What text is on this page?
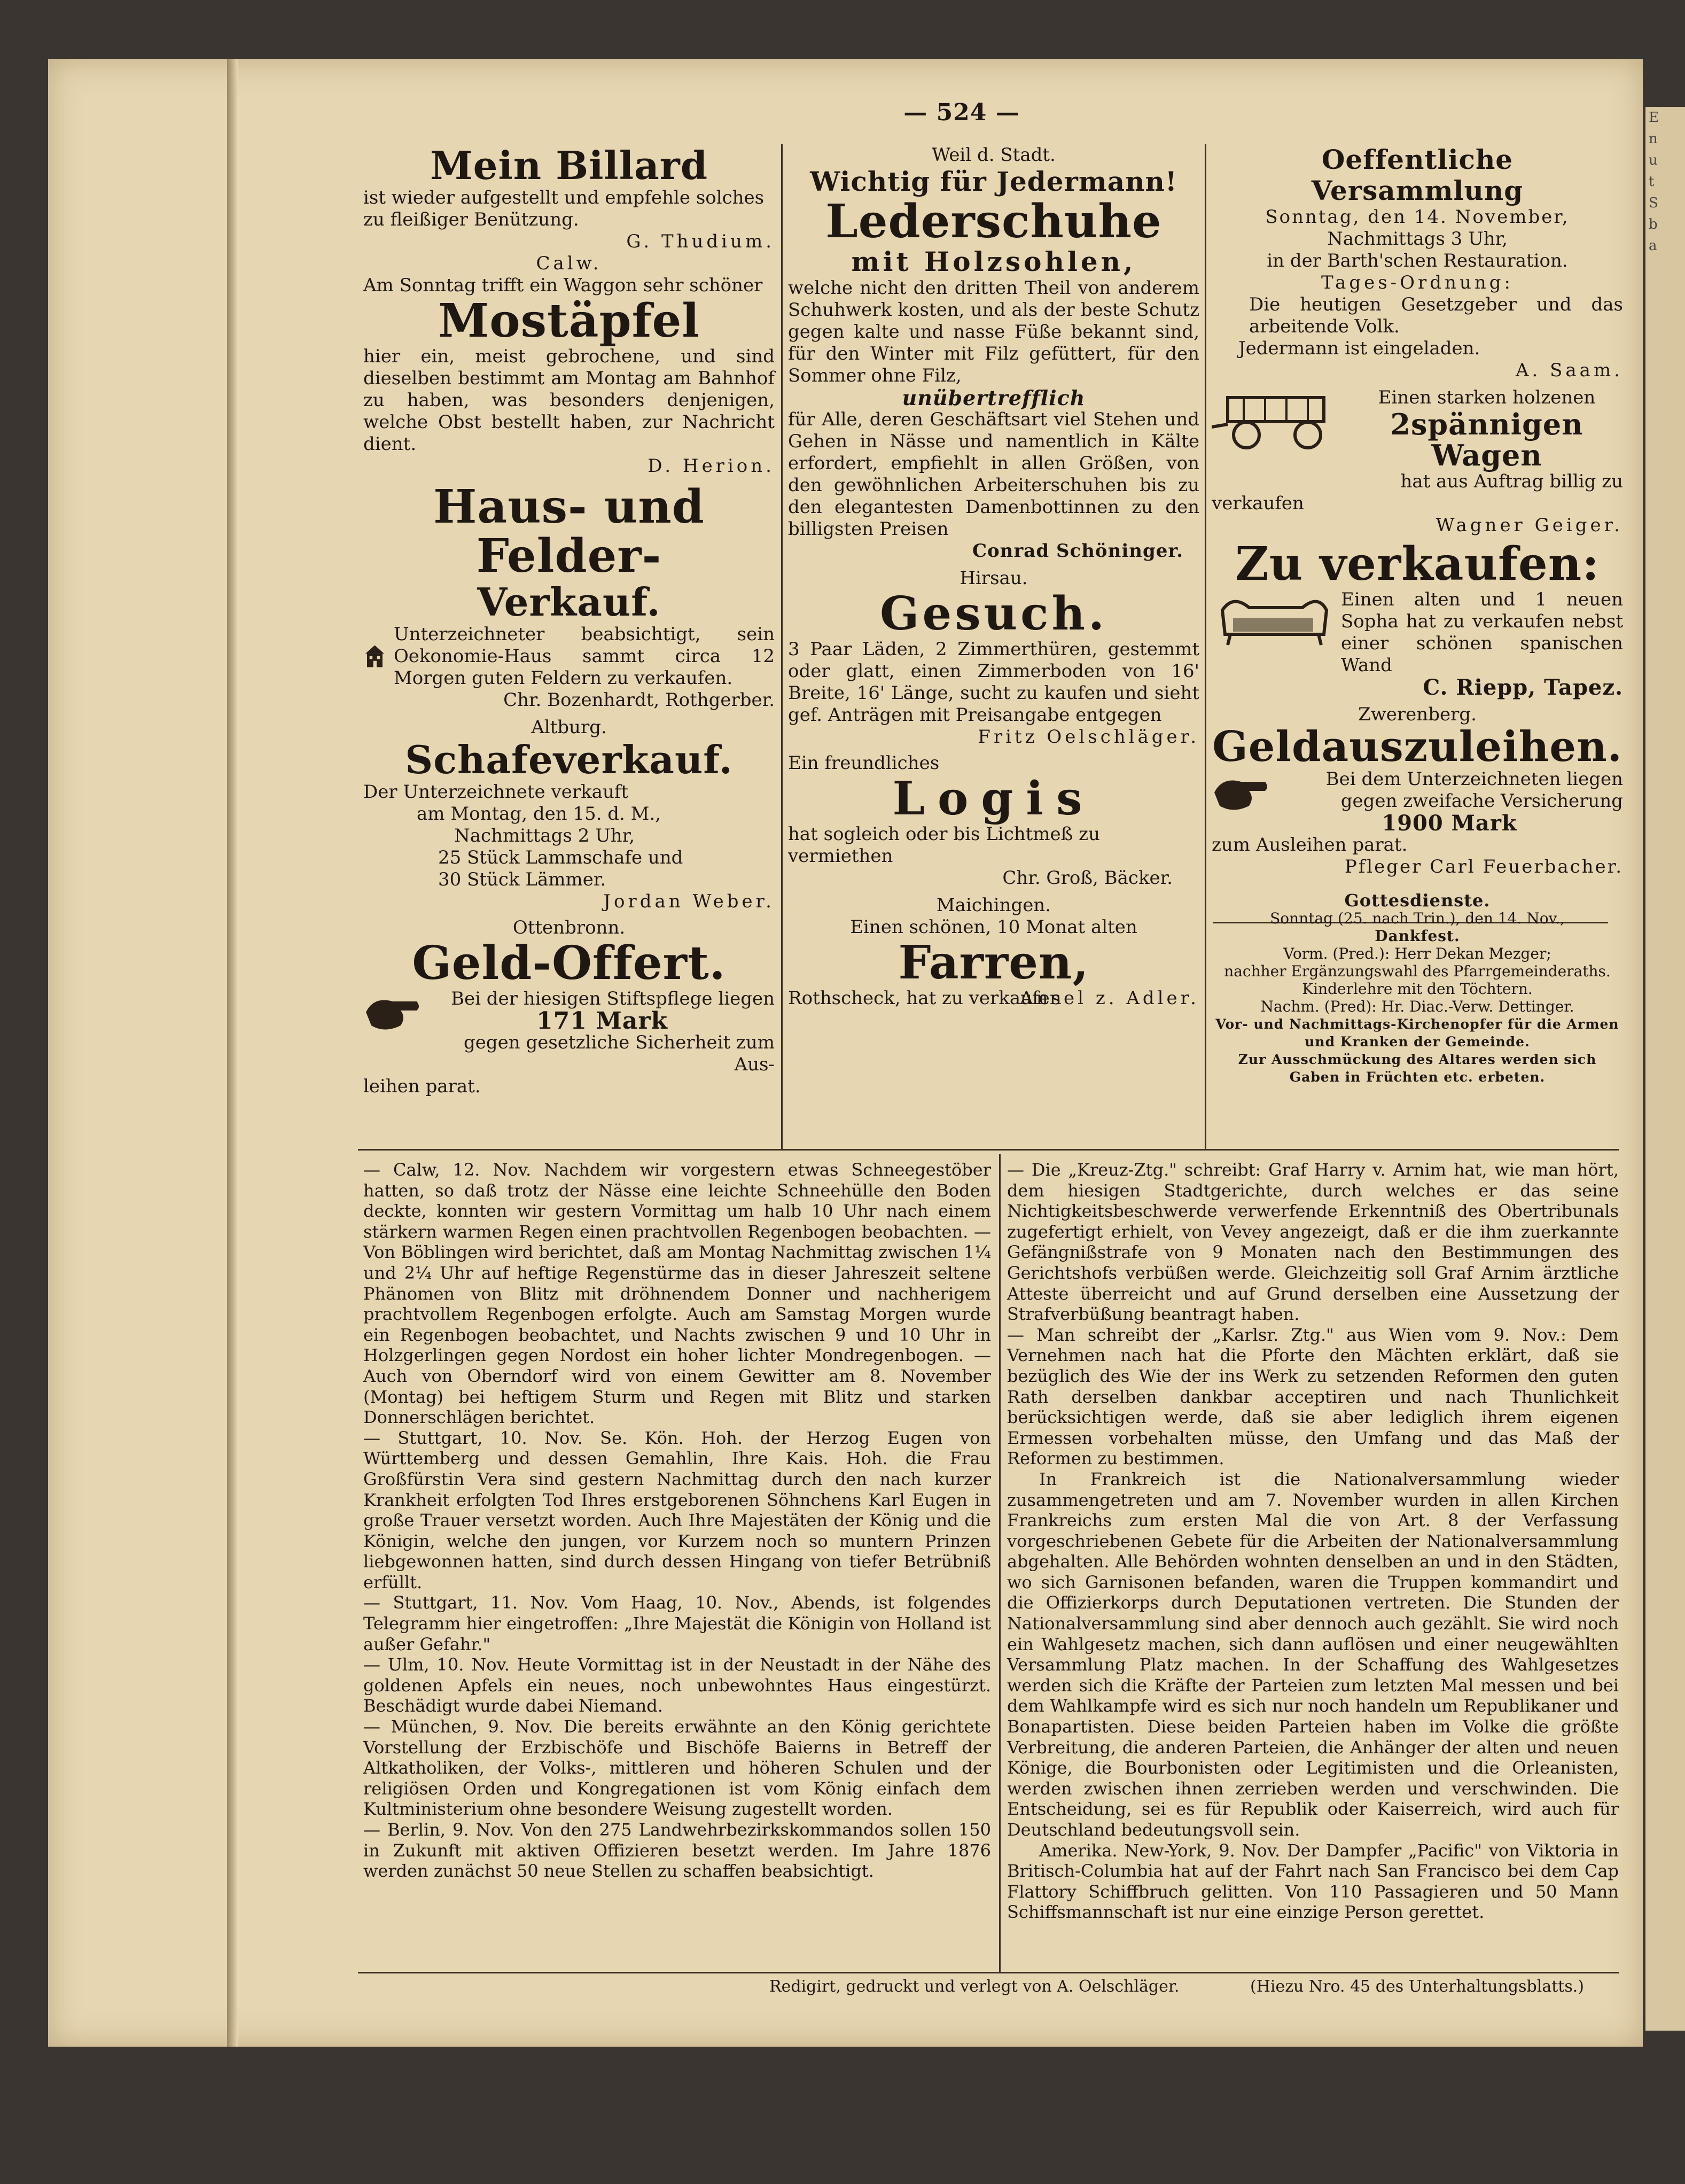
E
n
u
t
S
b
a
— 524 —
Mein Billard

ist wieder aufgestellt und empfehle solches zu fleißiger Benützung.

G. Thudium.

Calw.

Am Sonntag trifft ein Waggon sehr schöner

Mostäpfel

hier ein, meist gebrochene, und sind dieselben bestimmt am Montag am Bahnhof zu haben, was besonders denjenigen, welche Obst bestellt haben, zur Nachricht dient.

D. Herion.

Haus- und Felder-
Verkauf.

Unterzeichneter beabsichtigt, sein Oekonomie-Haus sammt circa 12 Morgen guten Feldern zu verkaufen.

Chr. Bozenhardt, Rothgerber.

Altburg.

Schafeverkauf.

Der Unterzeichnete verkauft

am Montag, den 15. d. M.,

Nachmittags 2 Uhr,

25 Stück Lammschafe und

30 Stück Lämmer.

Jordan Weber.

Ottenbronn.

Geld-Offert.

Bei der hiesigen Stiftspflege liegen

171 Mark

gegen gesetzliche Sicherheit zum Aus-

leihen parat.

Weil d. Stadt.

Wichtig für Jedermann!
Lederschuhe
mit Holzsohlen,

welche nicht den dritten Theil von anderem Schuhwerk kosten, und als der beste Schutz gegen kalte und nasse Füße bekannt sind, für den Winter mit Filz gefüttert, für den Sommer ohne Filz,

unübertrefflich

für Alle, deren Geschäftsart viel Stehen und Gehen in Nässe und namentlich in Kälte erfordert, empfiehlt in allen Größen, von den gewöhnlichen Arbeiterschuhen bis zu den elegantesten Damenbottinnen zu den billigsten Preisen

Conrad Schöninger.

Hirsau.

Gesuch.

3 Paar Läden, 2 Zimmerthüren, gestemmt oder glatt, einen Zimmerboden von 16' Breite, 16' Länge, sucht zu kaufen und sieht gef. Anträgen mit Preisangabe entgegen

Fritz Oelschläger.

Ein freundliches

Logis

hat sogleich oder bis Lichtmeß zu vermiethen

Chr. Groß, Bäcker.

Maichingen.

Einen schönen, 10 Monat alten

Farren,

Rothscheck, hat zu verkaufen

Ansel z. Adler.

Oeffentliche Versammlung

Sonntag, den 14. November,

Nachmittags 3 Uhr,

in der Barth'schen Restauration.

Tages-Ordnung:

Die heutigen Gesetzgeber und das arbeitende Volk.

Jedermann ist eingeladen.

A. Saam.

Einen starken holzenen

2spännigen Wagen

hat aus Auftrag billig zu

verkaufen

Wagner Geiger.

Zu verkaufen:

Einen alten und 1 neuen Sopha hat zu verkaufen nebst einer schönen spanischen Wand

C. Riepp, Tapez.

Zwerenberg.

Geldauszuleihen.

Bei dem Unterzeichneten liegen gegen zweifache Versicherung

1900 Mark

zum Ausleihen parat.

Pfleger Carl Feuerbacher.

Gottesdienste.

Sonntag (25. nach Trin.), den 14. Nov.,

Dankfest.

Vorm. (Pred.): Herr Dekan Mezger;

nachher Ergänzungswahl des Pfarrgemeinderaths.

Kinderlehre mit den Töchtern.

Nachm. (Pred): Hr. Diac.-Verw. Dettinger.

Vor- und Nachmittags-Kirchenopfer für die Armen und Kranken der Gemeinde.

Zur Ausschmückung des Altares werden sich Gaben in Früchten etc. erbeten.

— Calw, 12. Nov. Nachdem wir vorgestern etwas Schneegestöber hatten, so daß trotz der Nässe eine leichte Schneehülle den Boden deckte, konnten wir gestern Vormittag um halb 10 Uhr nach einem stärkern warmen Regen einen prachtvollen Regenbogen beobachten. — Von Böblingen wird berichtet, daß am Montag Nachmittag zwischen 1¼ und 2¼ Uhr auf heftige Regenstürme das in dieser Jahreszeit seltene Phänomen von Blitz mit dröhnendem Donner und nachherigem prachtvollem Regenbogen erfolgte. Auch am Samstag Morgen wurde ein Regenbogen beobachtet, und Nachts zwischen 9 und 10 Uhr in Holzgerlingen gegen Nordost ein hoher lichter Mondregenbogen. — Auch von Oberndorf wird von einem Gewitter am 8. November (Montag) bei heftigem Sturm und Regen mit Blitz und starken Donnerschlägen berichtet.

— Stuttgart, 10. Nov. Se. Kön. Hoh. der Herzog Eugen von Württemberg und dessen Gemahlin, Ihre Kais. Hoh. die Frau Großfürstin Vera sind gestern Nachmittag durch den nach kurzer Krankheit erfolgten Tod Ihres erstgeborenen Söhnchens Karl Eugen in große Trauer versetzt worden. Auch Ihre Majestäten der König und die Königin, welche den jungen, vor Kurzem noch so muntern Prinzen liebgewonnen hatten, sind durch dessen Hingang von tiefer Betrübniß erfüllt.

— Stuttgart, 11. Nov. Vom Haag, 10. Nov., Abends, ist folgendes Telegramm hier eingetroffen: „Ihre Majestät die Königin von Holland ist außer Gefahr."

— Ulm, 10. Nov. Heute Vormittag ist in der Neustadt in der Nähe des goldenen Apfels ein neues, noch unbewohntes Haus eingestürzt. Beschädigt wurde dabei Niemand.

— München, 9. Nov. Die bereits erwähnte an den König gerichtete Vorstellung der Erzbischöfe und Bischöfe Baierns in Betreff der Altkatholiken, der Volks-, mittleren und höheren Schulen und der religiösen Orden und Kongregationen ist vom König einfach dem Kultministerium ohne besondere Weisung zugestellt worden.

— Berlin, 9. Nov. Von den 275 Landwehrbezirkskommandos sollen 150 in Zukunft mit aktiven Offizieren besetzt werden. Im Jahre 1876 werden zunächst 50 neue Stellen zu schaffen beabsichtigt.

— Die „Kreuz-Ztg." schreibt: Graf Harry v. Arnim hat, wie man hört, dem hiesigen Stadtgerichte, durch welches er das seine Nichtigkeitsbeschwerde verwerfende Erkenntniß des Obertribunals zugefertigt erhielt, von Vevey angezeigt, daß er die ihm zuerkannte Gefängnißstrafe von 9 Monaten nach den Bestimmungen des Gerichtshofs verbüßen werde. Gleichzeitig soll Graf Arnim ärztliche Atteste überreicht und auf Grund derselben eine Aussetzung der Strafverbüßung beantragt haben.

— Man schreibt der „Karlsr. Ztg." aus Wien vom 9. Nov.: Dem Vernehmen nach hat die Pforte den Mächten erklärt, daß sie bezüglich des Wie der ins Werk zu setzenden Reformen den guten Rath derselben dankbar acceptiren und nach Thunlichkeit berücksichtigen werde, daß sie aber lediglich ihrem eigenen Ermessen vorbehalten müsse, den Umfang und das Maß der Reformen zu bestimmen.

In Frankreich ist die Nationalversammlung wieder zusammengetreten und am 7. November wurden in allen Kirchen Frankreichs zum ersten Mal die von Art. 8 der Verfassung vorgeschriebenen Gebete für die Arbeiten der Nationalversammlung abgehalten. Alle Behörden wohnten denselben an und in den Städten, wo sich Garnisonen befanden, waren die Truppen kommandirt und die Offizierkorps durch Deputationen vertreten. Die Stunden der Nationalversammlung sind aber dennoch auch gezählt. Sie wird noch ein Wahlgesetz machen, sich dann auflösen und einer neugewählten Versammlung Platz machen. In der Schaffung des Wahlgesetzes werden sich die Kräfte der Parteien zum letzten Mal messen und bei dem Wahlkampfe wird es sich nur noch handeln um Republikaner und Bonapartisten. Diese beiden Parteien haben im Volke die größte Verbreitung, die anderen Parteien, die Anhänger der alten und neuen Könige, die Bourbonisten oder Legitimisten und die Orleanisten, werden zwischen ihnen zerrieben werden und verschwinden. Die Entscheidung, sei es für Republik oder Kaiserreich, wird auch für Deutschland bedeutungsvoll sein.

Amerika. New-York, 9. Nov. Der Dampfer „Pacific" von Viktoria in Britisch-Columbia hat auf der Fahrt nach San Francisco bei dem Cap Flattory Schiffbruch gelitten. Von 110 Passagieren und 50 Mann Schiffsmannschaft ist nur eine einzige Person gerettet.

Redigirt, gedruckt und verlegt von A. Oelschläger.	(Hiezu Nro. 45 des Unterhaltungsblatts.)
